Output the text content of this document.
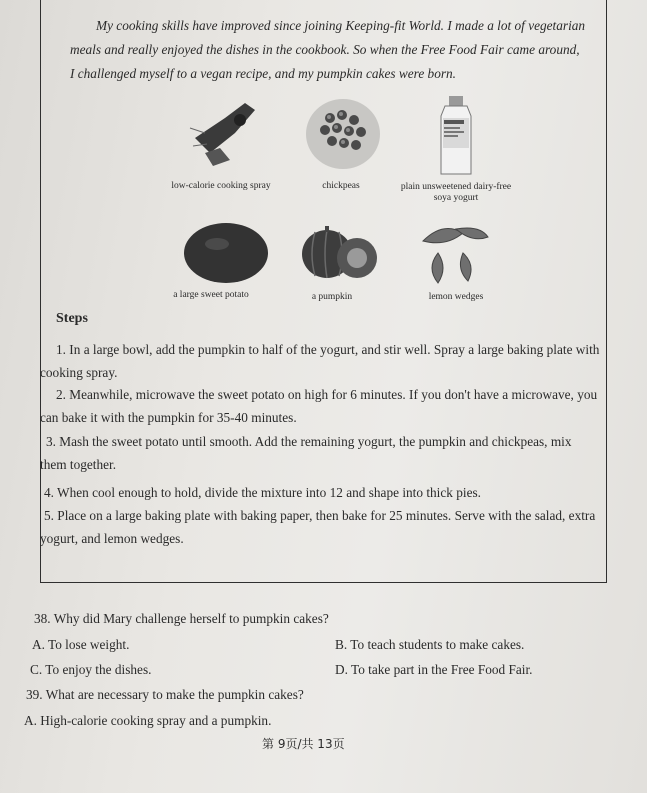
My cooking skills have improved since joining Keeping-fit World. I made a lot of vegetarian

meals and really enjoyed the dishes in the cookbook. So when the Free Food Fair came around,

I challenged myself to a vegan recipe, and my pumpkin cakes were born.

low-calorie cooking spray	chickpeas	plain unsweetened dairy-free soya yogurt
a large sweet potato	a pumpkin	lemon wedges
Steps
1. In a large bowl, add the pumpkin to half of the yogurt, and stir well. Spray a large baking plate with cooking spray.
2. Meanwhile, microwave the sweet potato on high for 6 minutes. If you don't have a microwave, you can bake it with the pumpkin for 35-40 minutes.
3. Mash the sweet potato until smooth. Add the remaining yogurt, the pumpkin and chickpeas, mix them together.
4. When cool enough to hold, divide the mixture into 12 and shape into thick pies.
5. Place on a large baking plate with baking paper, then bake for 25 minutes. Serve with the salad, extra yogurt, and lemon wedges.
38. Why did Mary challenge herself to pumpkin cakes?
A. To lose weight.	B. To teach students to make cakes.
C. To enjoy the dishes.	D. To take part in the Free Food Fair.
39. What are necessary to make the pumpkin cakes?
A. High-calorie cooking spray and a pumpkin.
第 9页/共 13页
